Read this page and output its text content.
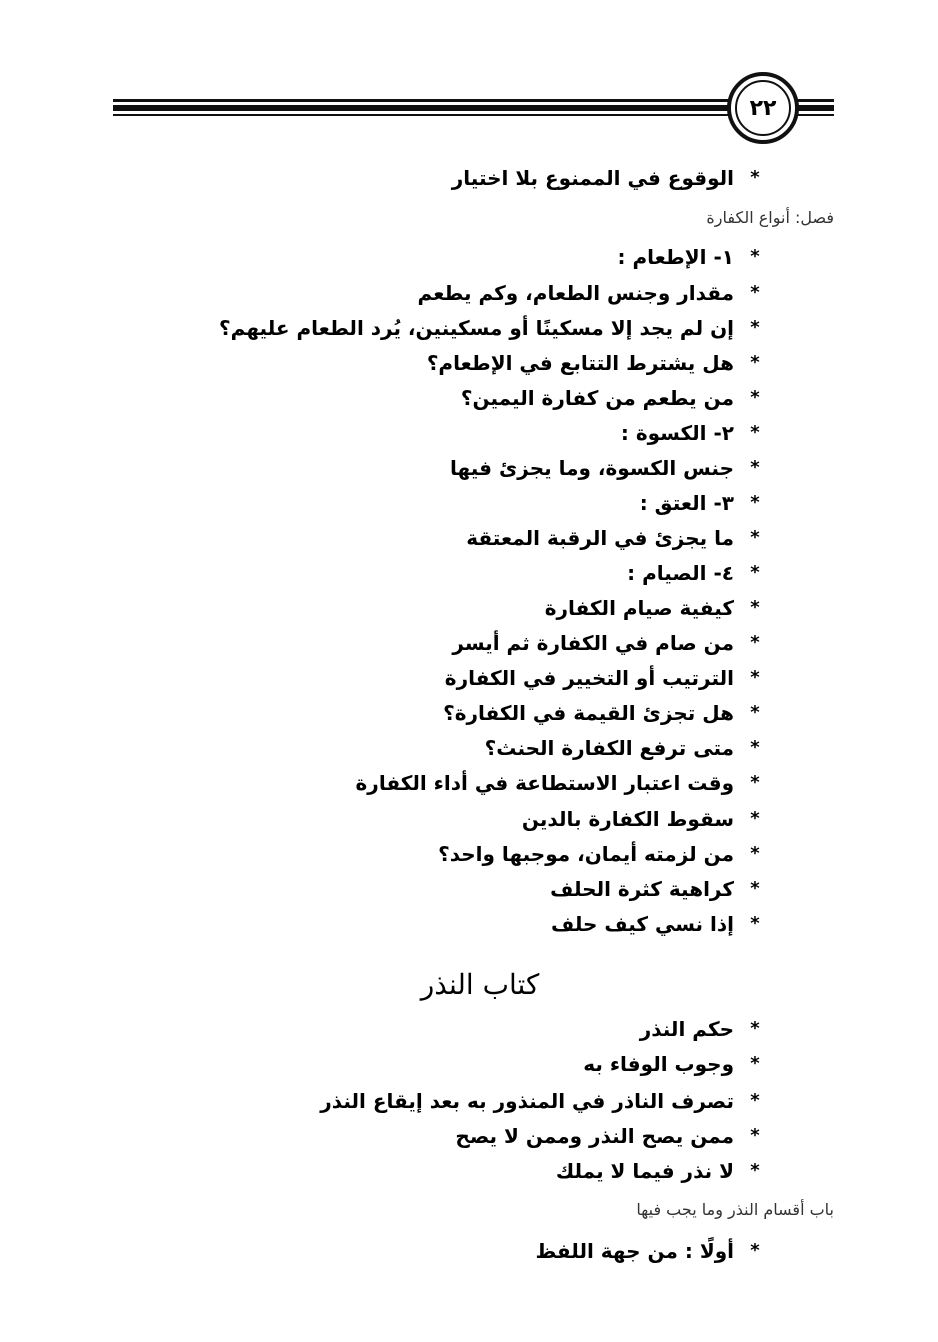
٢٢
*
الوقوع في الممنوع بلا اختيار
فصل: أنواع الكفارة
*
١- الإطعام :
*
مقدار وجنس الطعام، وكم يطعم
*
إن لم يجد إلا مسكينًا أو مسكينين، يُرد الطعام عليهم؟
*
هل يشترط التتابع في الإطعام؟
*
من يطعم من كفارة اليمين؟
*
٢- الكسوة :
*
جنس الكسوة، وما يجزئ فيها
*
٣- العتق :
*
ما يجزئ في الرقبة المعتقة
*
٤- الصيام :
*
كيفية صيام الكفارة
*
من صام في الكفارة ثم أيسر
*
الترتيب أو التخيير في الكفارة
*
هل تجزئ القيمة في الكفارة؟
*
متى ترفع الكفارة الحنث؟
*
وقت اعتبار الاستطاعة في أداء الكفارة
*
سقوط الكفارة بالدين
*
من لزمته أيمان، موجبها واحد؟
*
كراهية كثرة الحلف
*
إذا نسي كيف حلف
كتاب النذر
*
حكم النذر
*
وجوب الوفاء به
*
تصرف الناذر في المنذور به بعد إيقاع النذر
*
ممن يصح النذر وممن لا يصح
*
لا نذر فيما لا يملك
باب أقسام النذر وما يجب فيها
*
أولًا : من جهة اللفظ
